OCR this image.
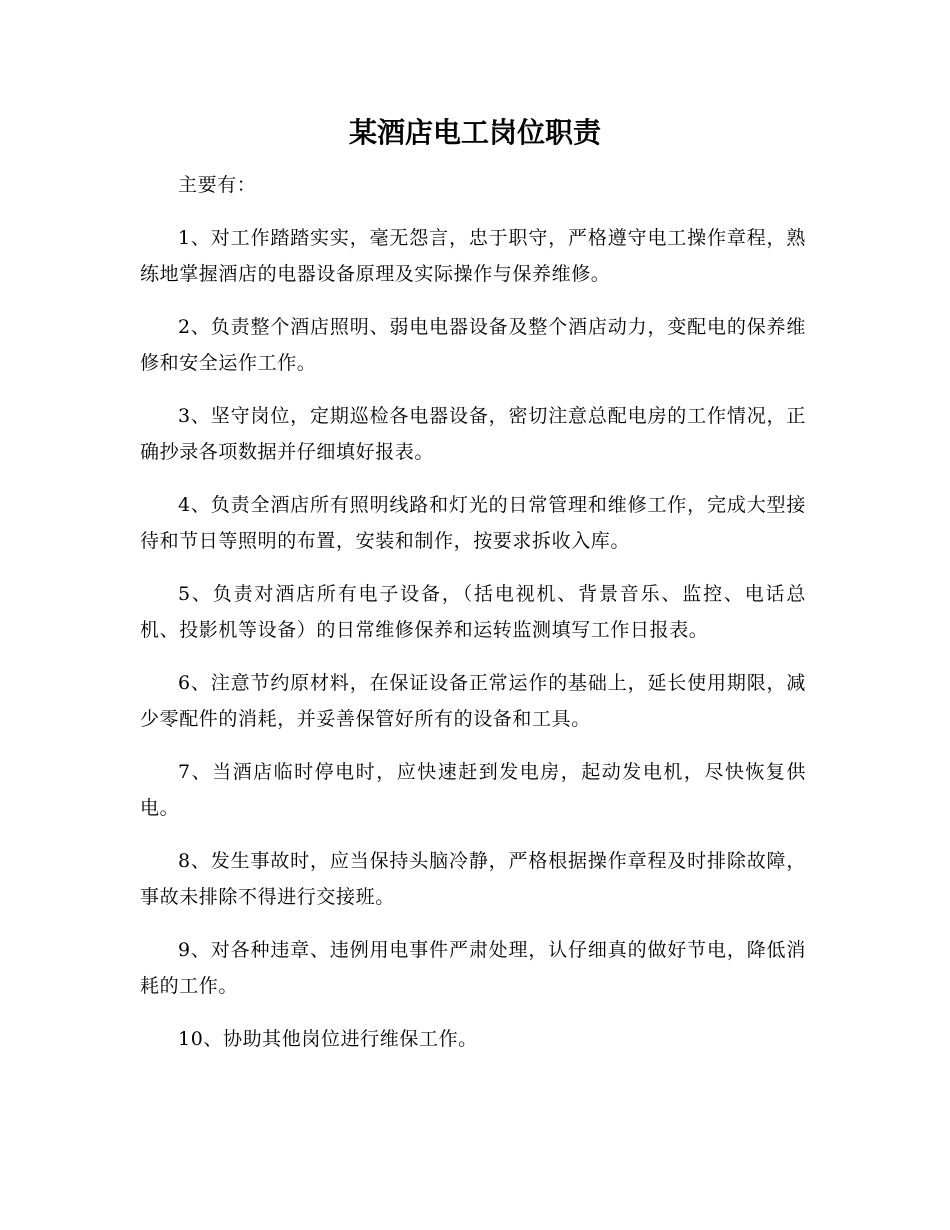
某酒店电工岗位职责

主要有：

1、对工作踏踏实实，毫无怨言，忠于职守，严格遵守电工操作章程，熟练地掌握酒店的电器设备原理及实际操作与保养维修。

2、负责整个酒店照明、弱电电器设备及整个酒店动力，变配电的保养维修和安全运作工作。

3、坚守岗位，定期巡检各电器设备，密切注意总配电房的工作情况，正确抄录各项数据并仔细填好报表。

4、负责全酒店所有照明线路和灯光的日常管理和维修工作，完成大型接待和节日等照明的布置，安装和制作，按要求拆收入库。

5、负责对酒店所有电子设备，（括电视机、背景音乐、监控、电话总机、投影机等设备）的日常维修保养和运转监测填写工作日报表。

6、注意节约原材料，在保证设备正常运作的基础上，延长使用期限，减少零配件的消耗，并妥善保管好所有的设备和工具。

7、当酒店临时停电时，应快速赶到发电房，起动发电机，尽快恢复供电。

8、发生事故时，应当保持头脑冷静，严格根据操作章程及时排除故障，事故未排除不得进行交接班。

9、对各种违章、违例用电事件严肃处理，认仔细真的做好节电，降低消耗的工作。

10、协助其他岗位进行维保工作。
